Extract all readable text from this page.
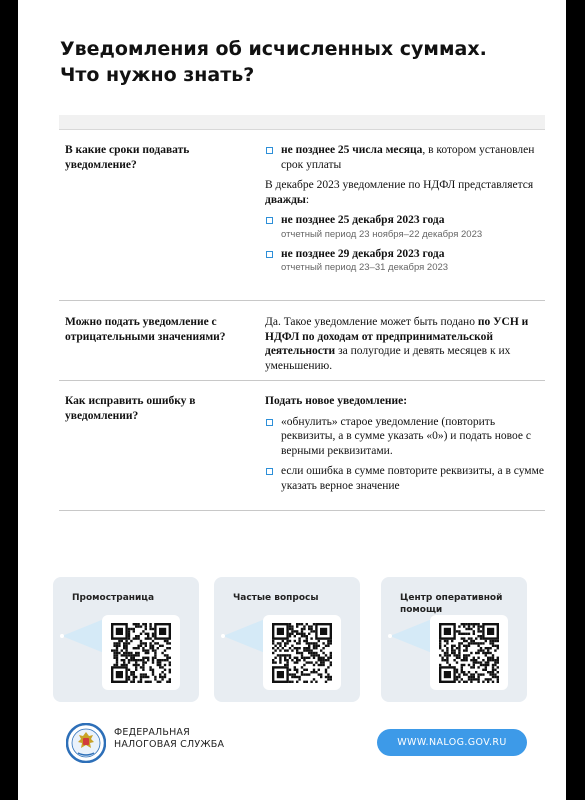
Уведомления об исчисленных суммах. Что нужно знать?
В какие сроки подавать уведомление?
не позднее 25 числа месяца, в котором установлен срок уплаты
В декабре 2023 уведомление по НДФЛ представляется дважды:
не позднее 25 декабря 2023 года
отчетный период 23 ноября–22 декабря 2023
не позднее 29 декабря 2023 года
отчетный период 23–31 декабря 2023
Можно подать уведомление с отрицательными значениями?
Да. Такое уведомление может быть подано по УСН и НДФЛ по доходам от предпринимательской деятельности за полугодие и девять месяцев к их уменьшению.
Как исправить ошибку в уведомлении?
Подать новое уведомление:
«обнулить» старое уведомление (повторить реквизиты, а в сумме указать «0») и подать новое с верными реквизитами.
если ошибка в сумме повторите реквизиты, а в сумме указать верное значение
Промостраница	Частые вопросы	Центр оперативной помощи
ФЕДЕРАЛЬНАЯ
НАЛОГОВАЯ СЛУЖБА	WWW.NALOG.GOV.RU
